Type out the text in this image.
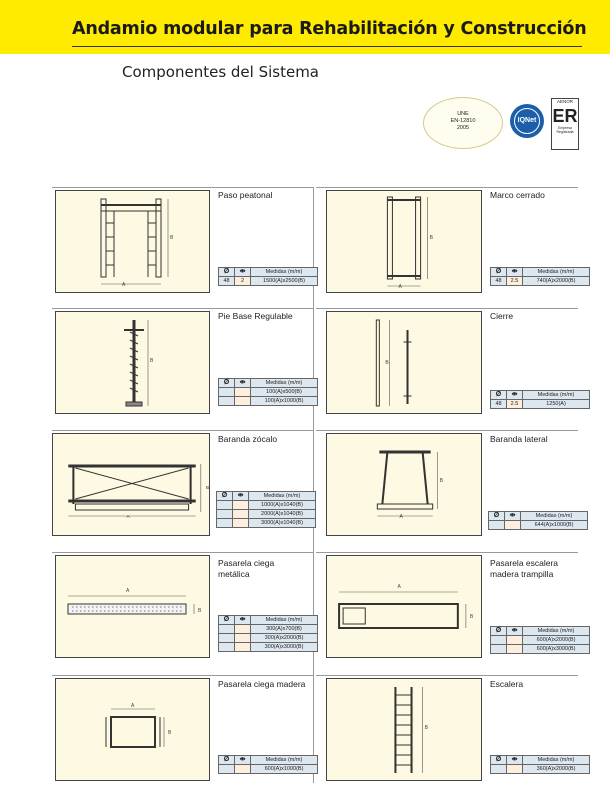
Andamio modular para Rehabilitación y Construcción
Componentes del Sistema
UNE
EN-12810
2005
IQNet
AENOR
ER
Empresa
Registrada
A
B
Paso peatonal
Ø	⇹	Medidas (m/m)
48	2	1500(A)x2500(B)
A
B
Marco cerrado
Ø	⇹	Medidas (m/m)
48	2.5	740(A)x2000(B)
B
Pie Base Regulable
Ø	⇹	Medidas (m/m)
		100(A)x500(B)
		100(A)x1000(B)
B
Cierre
Ø	⇹	Medidas (m/m)
48	2.5	1250(A)
A
B
Baranda zócalo
Ø	⇹	Medidas (m/m)
		1000(A)x1040(B)
		2000(A)x1040(B)
		3000(A)x1040(B)
A
B
Baranda lateral
Ø	⇹	Medidas (m/m)
		644(A)x1000(B)
A
B
Pasarela ciega metálica
Ø	⇹	Medidas (m/m)
		300(A)x700(B)
		300(A)x2000(B)
		300(A)x3000(B)
A
B
Pasarela escalera madera trampilla
Ø	⇹	Medidas (m/m)
		600(A)x2000(B)
		600(A)x3000(B)
A
B
Pasarela ciega madera
Ø	⇹	Medidas (m/m)
		600(A)x1000(B)
B
Escalera
Ø	⇹	Medidas (m/m)
		360(A)x2000(B)
